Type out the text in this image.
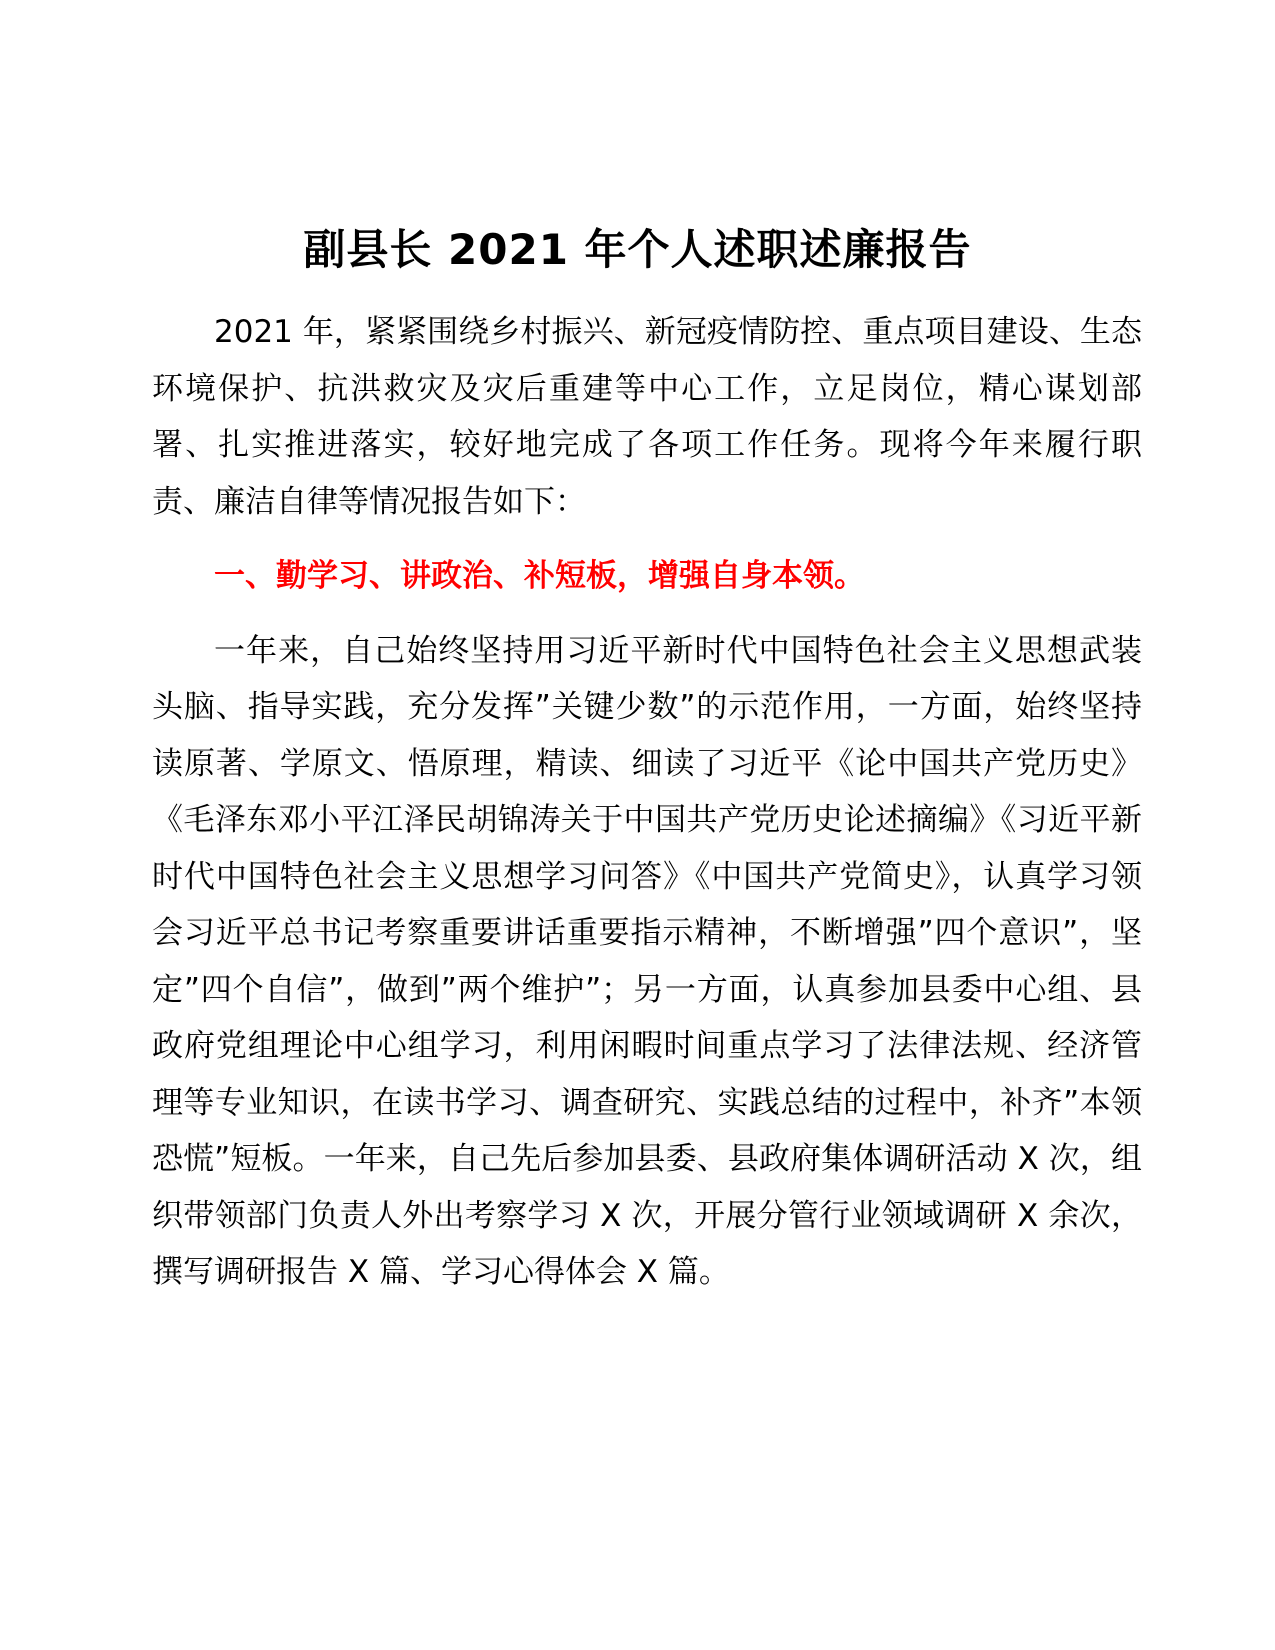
副县长 2021 年个人述职述廉报告

2021 年，紧紧围绕乡村振兴、新冠疫情防控、重点项目建设、生态环境保护、抗洪救灾及灾后重建等中心工作，立足岗位，精心谋划部署、扎实推进落实，较好地完成了各项工作任务。现将今年来履行职责、廉洁自律等情况报告如下：

一、勤学习、讲政治、补短板，增强自身本领。

一年来，自己始终坚持用习近平新时代中国特色社会主义思想武装头脑、指导实践，充分发挥”关键少数”的示范作用，一方面，始终坚持读原著、学原文、悟原理，精读、细读了习近平《论中国共产党历史》《毛泽东邓小平江泽民胡锦涛关于中国共产党历史论述摘编》《习近平新时代中国特色社会主义思想学习问答》《中国共产党简史》，认真学习领会习近平总书记考察重要讲话重要指示精神，不断增强”四个意识”，坚定”四个自信”，做到”两个维护”；另一方面，认真参加县委中心组、县政府党组理论中心组学习，利用闲暇时间重点学习了法律法规、经济管理等专业知识，在读书学习、调查研究、实践总结的过程中，补齐”本领恐慌”短板。一年来，自己先后参加县委、县政府集体调研活动 X 次，组织带领部门负责人外出考察学习 X 次，开展分管行业领域调研 X 余次，撰写调研报告 X 篇、学习心得体会 X 篇。
